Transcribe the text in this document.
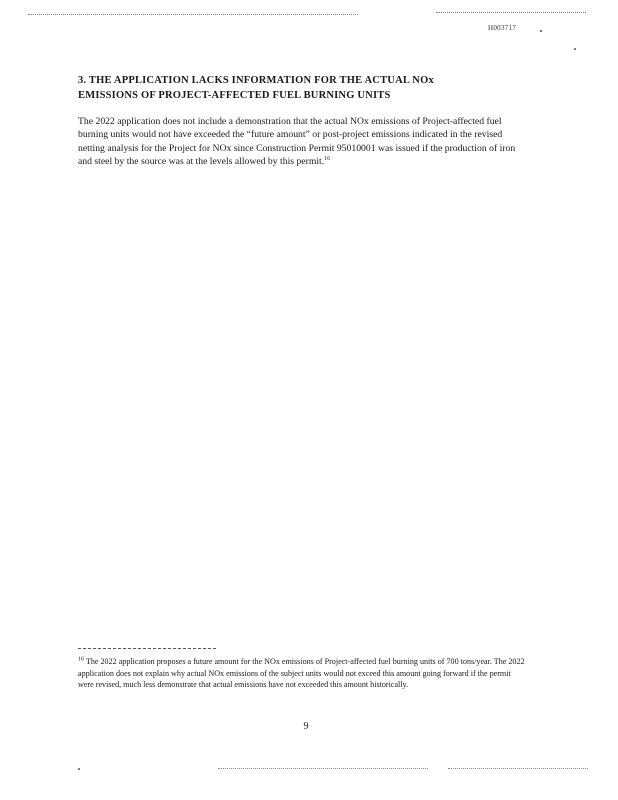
H003717
3. THE APPLICATION LACKS INFORMATION FOR THE ACTUAL NOx
EMISSIONS OF PROJECT-AFFECTED FUEL BURNING UNITS

The 2022 application does not include a demonstration that the actual NOx emissions of Project-affected fuel burning units would not have exceeded the “future amount” or post-project emissions indicated in the revised netting analysis for the Project for NOx since Construction Permit 95010001 was issued if the production of iron and steel by the source was at the levels allowed by this permit.$^{16}$

$^{16}$ The 2022 application proposes a future amount for the NOx emissions of Project-affected fuel burning units of 700 tons/year. The 2022 application does not explain why actual NOx emissions of the subject units would not exceed this amount going forward if the permit were revised, much less demonstrate that actual emissions have not exceeded this amount historically.

9
